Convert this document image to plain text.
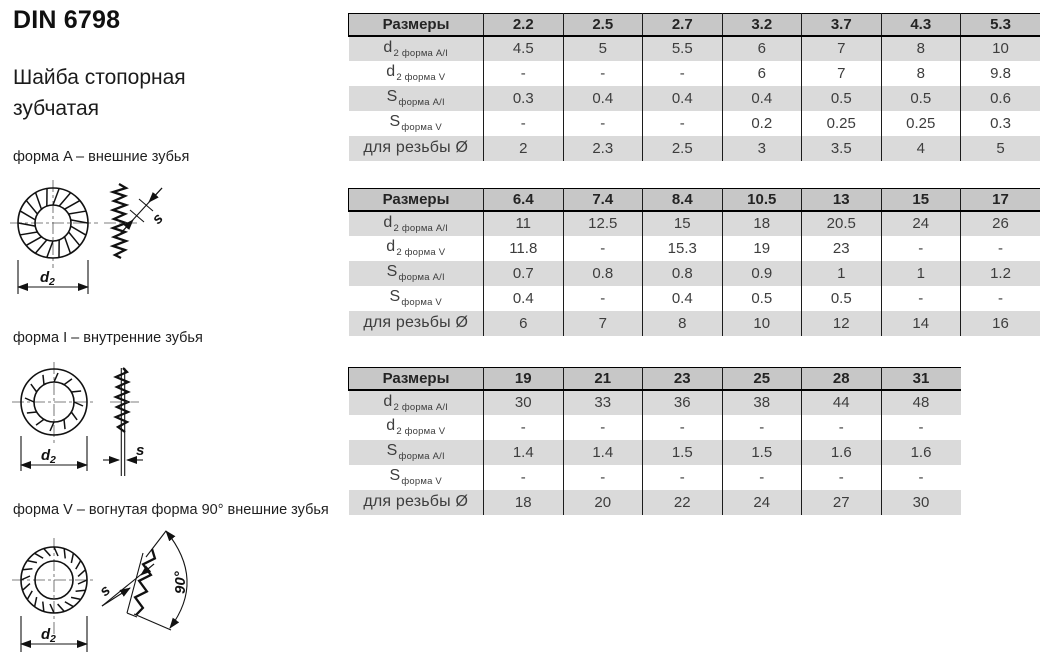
DIN 6798
Шайба стопорная
зубчатая
форма A – внешние зубья
форма I – внутренние зубья
форма V – вогнутая форма 90° внешние зубья
d 2
s
d 2
s
d 2
90°
s
Размеры	2.2	2.5	2.7	3.2	3.7	4.3	5.3
$d_{2 форма А/I}$	4.5	5	5.5	6	7	8	10
$d_{2 форма V}$	-	-	-	6	7	8	9.8
$S_{форма А/I}$	0.3	0.4	0.4	0.4	0.5	0.5	0.6
$S_{форма V}$	-	-	-	0.2	0.25	0.25	0.3
для резьбы Ø	2	2.3	2.5	3	3.5	4	5
Размеры	6.4	7.4	8.4	10.5	13	15	17
$d_{2 форма А/I}$	11	12.5	15	18	20.5	24	26
$d_{2 форма V}$	11.8	-	15.3	19	23	-	-
$S_{форма А/I}$	0.7	0.8	0.8	0.9	1	1	1.2
$S_{форма V}$	0.4	-	0.4	0.5	0.5	-	-
для резьбы Ø	6	7	8	10	12	14	16
Размеры	19	21	23	25	28	31
$d_{2 форма А/I}$	30	33	36	38	44	48
$d_{2 форма V}$	-	-	-	-	-	-
$S_{форма А/I}$	1.4	1.4	1.5	1.5	1.6	1.6
$S_{форма V}$	-	-	-	-	-	-
для резьбы Ø	18	20	22	24	27	30
